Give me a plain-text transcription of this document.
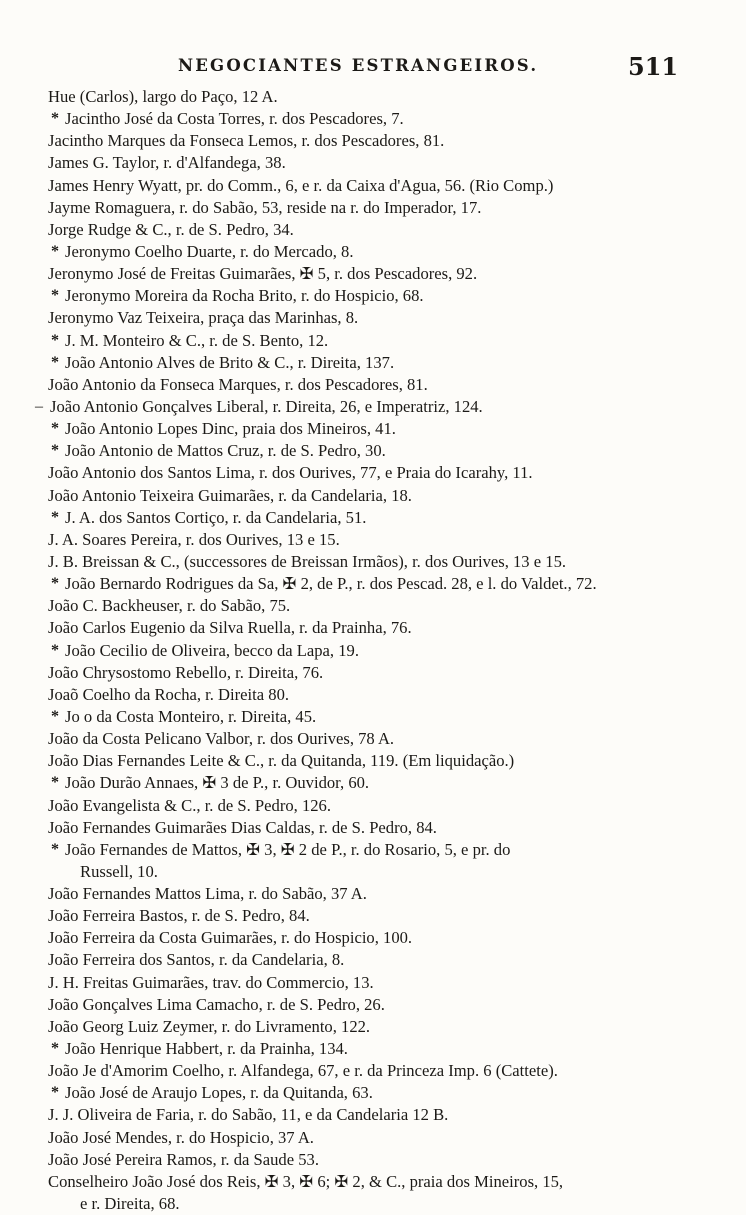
NEGOCIANTES ESTRANGEIROS.	511
Hue (Carlos), largo do Paço, 12 A.
* Jacintho José da Costa Torres, r. dos Pescadores, 7.
Jacintho Marques da Fonseca Lemos, r. dos Pescadores, 81.
James G. Taylor, r. d'Alfandega, 38.
James Henry Wyatt, pr. do Comm., 6, e r. da Caixa d'Agua, 56. (Rio Comp.)
Jayme Romaguera, r. do Sabão, 53, reside na r. do Imperador, 17.
Jorge Rudge & C., r. de S. Pedro, 34.
* Jeronymo Coelho Duarte, r. do Mercado, 8.
Jeronymo José de Freitas Guimarães, ✠ 5, r. dos Pescadores, 92.
* Jeronymo Moreira da Rocha Brito, r. do Hospicio, 68.
Jeronymo Vaz Teixeira, praça das Marinhas, 8.
* J. M. Monteiro & C., r. de S. Bento, 12.
* João Antonio Alves de Brito & C., r. Direita, 137.
João Antonio da Fonseca Marques, r. dos Pescadores, 81.
– João Antonio Gonçalves Liberal, r. Direita, 26, e Imperatriz, 124.
* João Antonio Lopes Dinc, praia dos Mineiros, 41.
* João Antonio de Mattos Cruz, r. de S. Pedro, 30.
João Antonio dos Santos Lima, r. dos Ourives, 77, e Praia do Icarahy, 11.
João Antonio Teixeira Guimarães, r. da Candelaria, 18.
* J. A. dos Santos Cortiço, r. da Candelaria, 51.
J. A. Soares Pereira, r. dos Ourives, 13 e 15.
J. B. Breissan & C., (successores de Breissan Irmãos), r. dos Ourives, 13 e 15.
* João Bernardo Rodrigues da Sa, ✠ 2, de P., r. dos Pescad. 28, e l. do Valdet., 72.
João C. Backheuser, r. do Sabão, 75.
João Carlos Eugenio da Silva Ruella, r. da Prainha, 76.
* João Cecilio de Oliveira, becco da Lapa, 19.
João Chrysostomo Rebello, r. Direita, 76.
Joaõ Coelho da Rocha, r. Direita 80.
* Jo o da Costa Monteiro, r. Direita, 45.
João da Costa Pelicano Valbor, r. dos Ourives, 78 A.
João Dias Fernandes Leite & C., r. da Quitanda, 119. (Em liquidação.)
* João Durão Annaes, ✠ 3 de P., r. Ouvidor, 60.
João Evangelista & C., r. de S. Pedro, 126.
João Fernandes Guimarães Dias Caldas, r. de S. Pedro, 84.
* João Fernandes de Mattos, ✠ 3, ✠ 2 de P., r. do Rosario, 5, e pr. do
Russell, 10.
João Fernandes Mattos Lima, r. do Sabão, 37 A.
João Ferreira Bastos, r. de S. Pedro, 84.
João Ferreira da Costa Guimarães, r. do Hospicio, 100.
João Ferreira dos Santos, r. da Candelaria, 8.
J. H. Freitas Guimarães, trav. do Commercio, 13.
João Gonçalves Lima Camacho, r. de S. Pedro, 26.
João Georg Luiz Zeymer, r. do Livramento, 122.
* João Henrique Habbert, r. da Prainha, 134.
João Je d'Amorim Coelho, r. Alfandega, 67, e r. da Princeza Imp. 6 (Cattete).
* João José de Araujo Lopes, r. da Quitanda, 63.
J. J. Oliveira de Faria, r. do Sabão, 11, e da Candelaria 12 B.
João José Mendes, r. do Hospicio, 37 A.
João José Pereira Ramos, r. da Saude 53.
Conselheiro João José dos Reis, ✠ 3, ✠ 6; ✠ 2, & C., praia dos Mineiros, 15,
e r. Direita, 68.
